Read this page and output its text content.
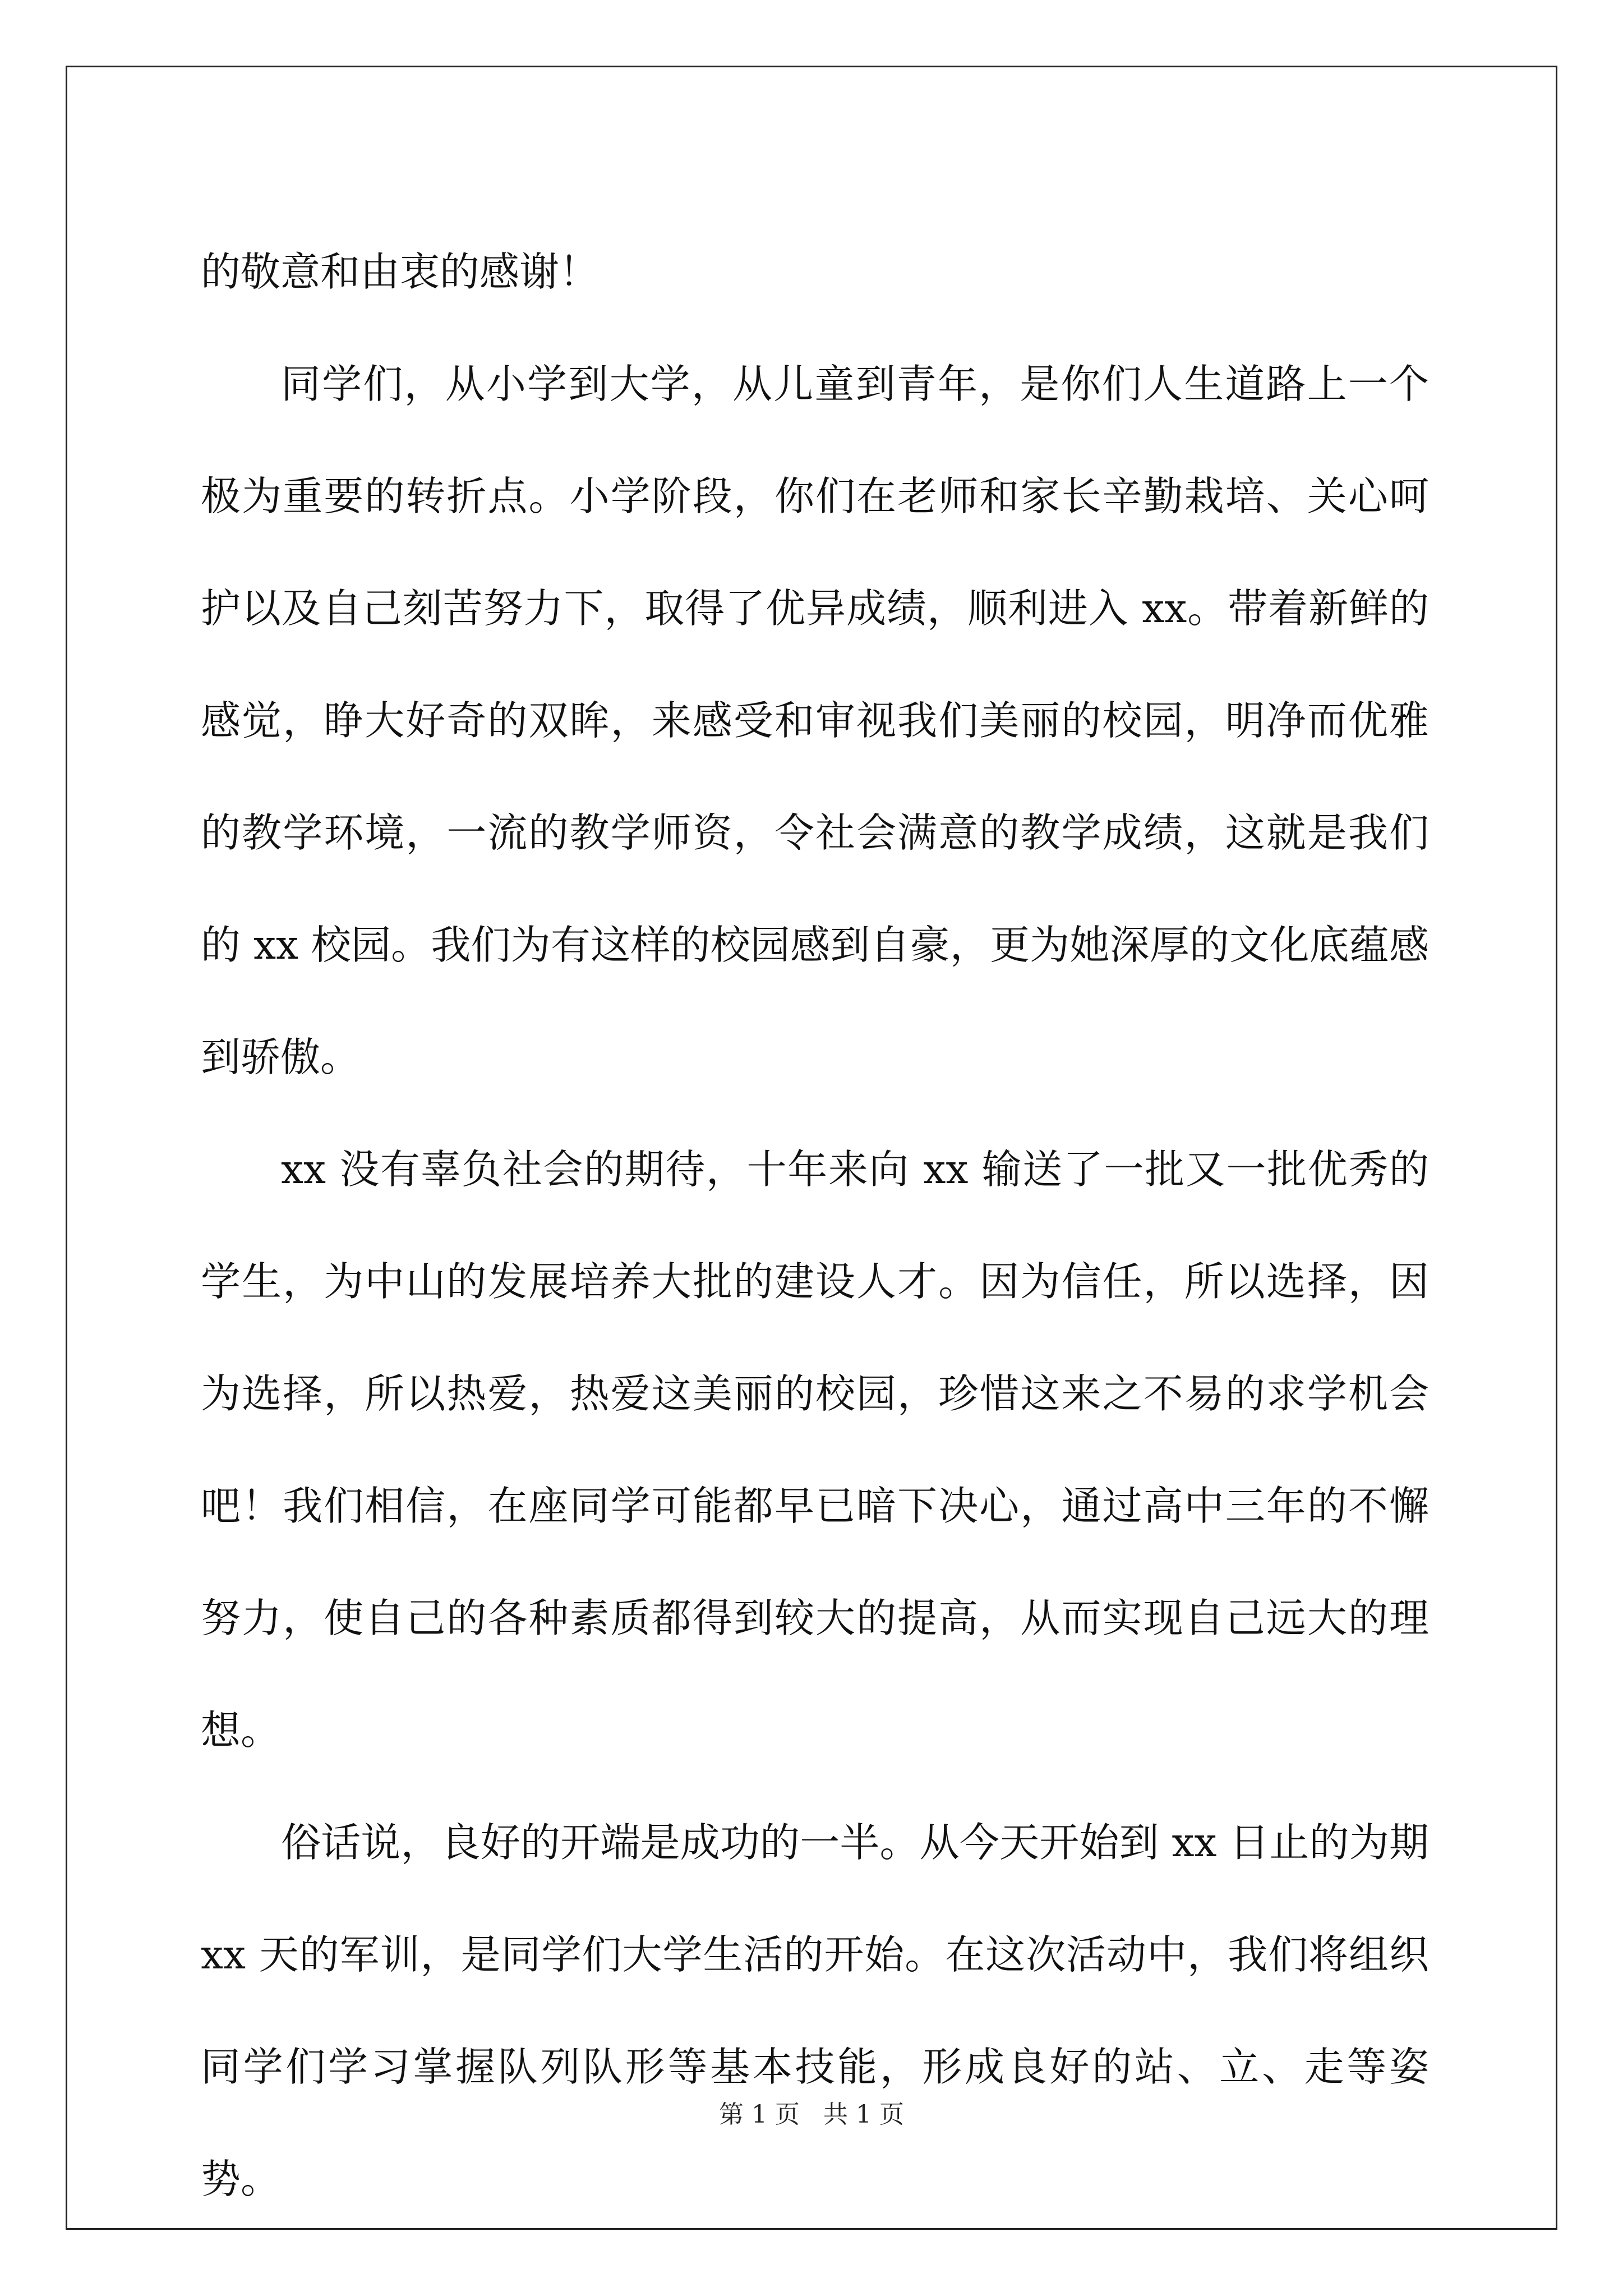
的敬意和由衷的感谢！

同学们，从小学到大学，从儿童到青年，是你们人生道路上一个极为重要的转折点。小学阶段，你们在老师和家长辛勤栽培、关心呵护以及自己刻苦努力下，取得了优异成绩，顺利进入 xx。带着新鲜的感觉，睁大好奇的双眸，来感受和审视我们美丽的校园，明净而优雅的教学环境，一流的教学师资，令社会满意的教学成绩，这就是我们的 xx 校园。我们为有这样的校园感到自豪，更为她深厚的文化底蕴感到骄傲。

xx 没有辜负社会的期待，十年来向 xx 输送了一批又一批优秀的学生，为中山的发展培养大批的建设人才。因为信任，所以选择，因为选择，所以热爱，热爱这美丽的校园，珍惜这来之不易的求学机会吧！我们相信，在座同学可能都早已暗下决心，通过高中三年的不懈努力，使自己的各种素质都得到较大的提高，从而实现自己远大的理想。

俗话说，良好的开端是成功的一半。从今天开始到 xx 日止的为期 xx 天的军训，是同学们大学生活的开始。在这次活动中，我们将组织同学们学习掌握队列队形等基本技能，形成良好的站、立、走等姿势。

第 1 页   共 1 页
